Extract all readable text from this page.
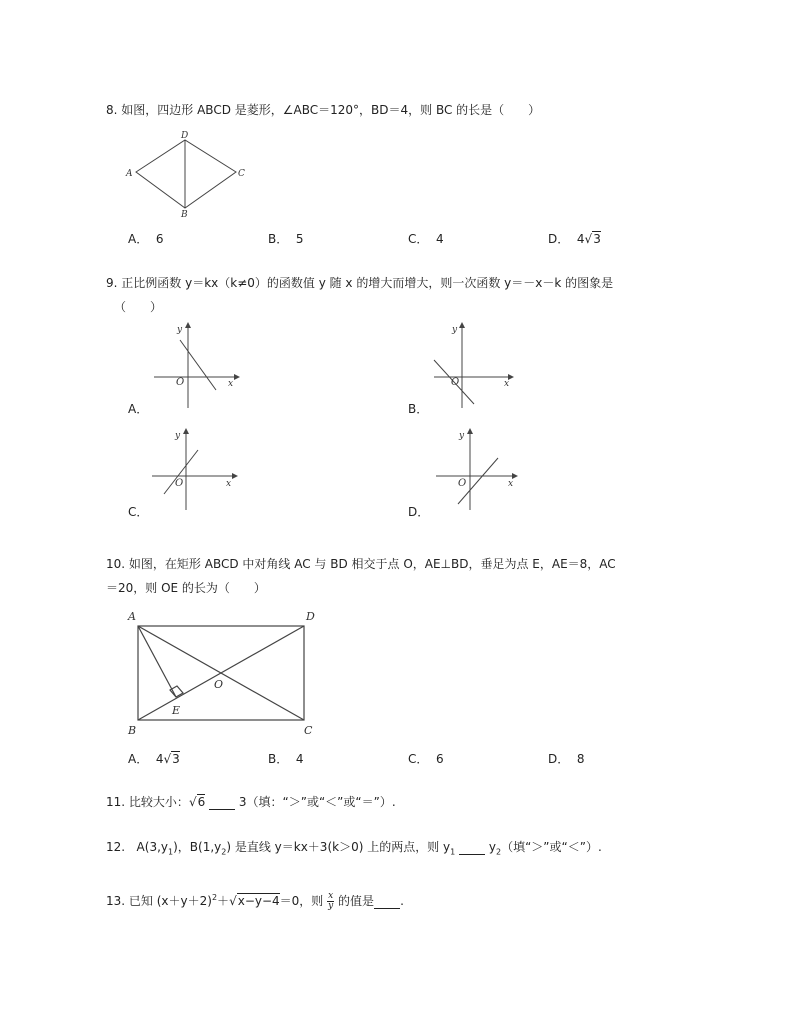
8. 如图，四边形 ABCD 是菱形，∠ABC＝120°，BD＝4，则 BC 的长是（　　）
A
D
C
B
A． 6	B． 5	C． 4	D． 4√3
9. 正比例函数 y＝kx（k≠0）的函数值 y 随 x 的增大而增大，则一次函数 y＝－x－k 的图象是
（　　）
y
x
O
A．
y
x
O
B．
y
x
O
C．
y
x
O
D．
10. 如图，在矩形 ABCD 中对角线 AC 与 BD 相交于点 O，AE⊥BD，垂足为点 E，AE＝8，AC
＝20，则 OE 的长为（　　）
A	D
B	C
O
E
A． 4√3	B． 4	C． 6	D． 8
11. 比较大小：√6	3（填：“＞”或“＜”或“＝”）.
12. $A(3,y_1)$，$B(1,y_2)$ 是直线 y＝kx＋3(k＞0) 上的两点，则 $y_1$	$y_2$（填“＞”或“＜”）.
13. 已知 $(x+y+2)^2+√x-y-4=0$，则 $\frac{x}{y}$ 的值是 .
